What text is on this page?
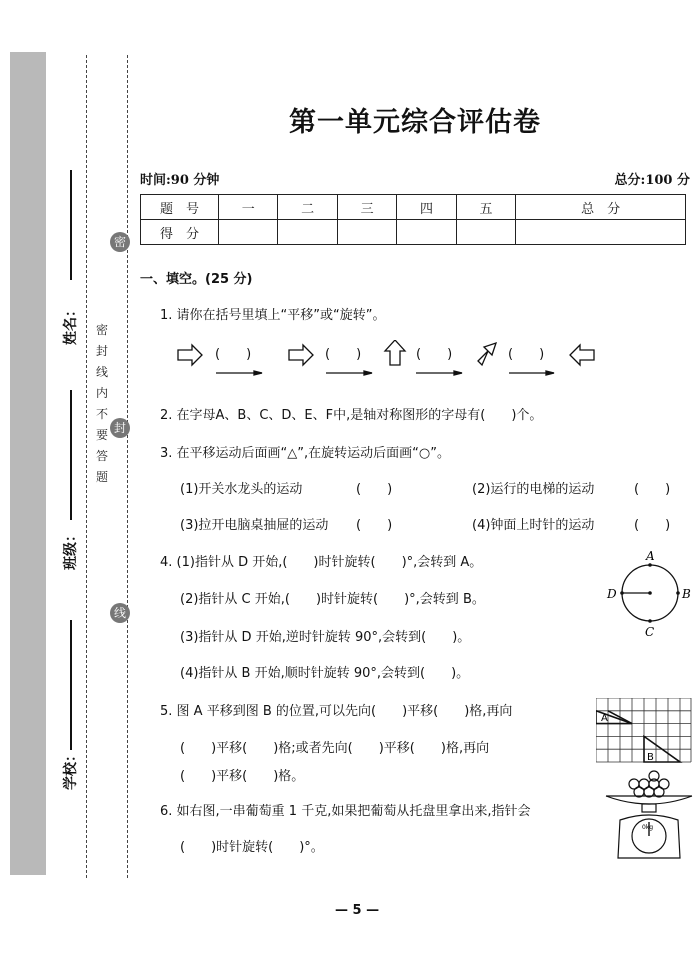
姓名：
班级：
学校：
密
封
线
密封线内不要答题
第一单元综合评估卷
时间:90 分钟	总分:100 分
题　号	一	二	三	四	五	总　分
得　分						
一、填空。(25 分)
1. 请你在括号里填上“平移”或“旋转”。
(　　)	(　　)	(　　)	(　　)
2. 在字母A、B、C、D、E、F中,是轴对称图形的字母有(　　)个。
3. 在平移运动后面画“△”,在旋转运动后面画“○”。
(1)开关水龙头的运动	(　　)	(2)运行的电梯的运动	(　　)
(3)拉开电脑桌抽屉的运动 (　　)	(4)钟面上时针的运动	(　　)
4. (1)指针从 D 开始,(　　)时针旋转(　　)°,会转到 A。
(2)指针从 C 开始,(　　)时针旋转(　　)°,会转到 B。
(3)指针从 D 开始,逆时针旋转 90°,会转到(　　)。
(4)指针从 B 开始,顺时针旋转 90°,会转到(　　)。
A
B
C
D
5. 图 A 平移到图 B 的位置,可以先向(　　)平移(　　)格,再向
(　　)平移(　　)格;或者先向(　　)平移(　　)格,再向
(　　)平移(　　)格。
A
B
6. 如右图,一串葡萄重 1 千克,如果把葡萄从托盘里拿出来,指针会
(　　)时针旋转(　　)°。
0kg
— 5 —
